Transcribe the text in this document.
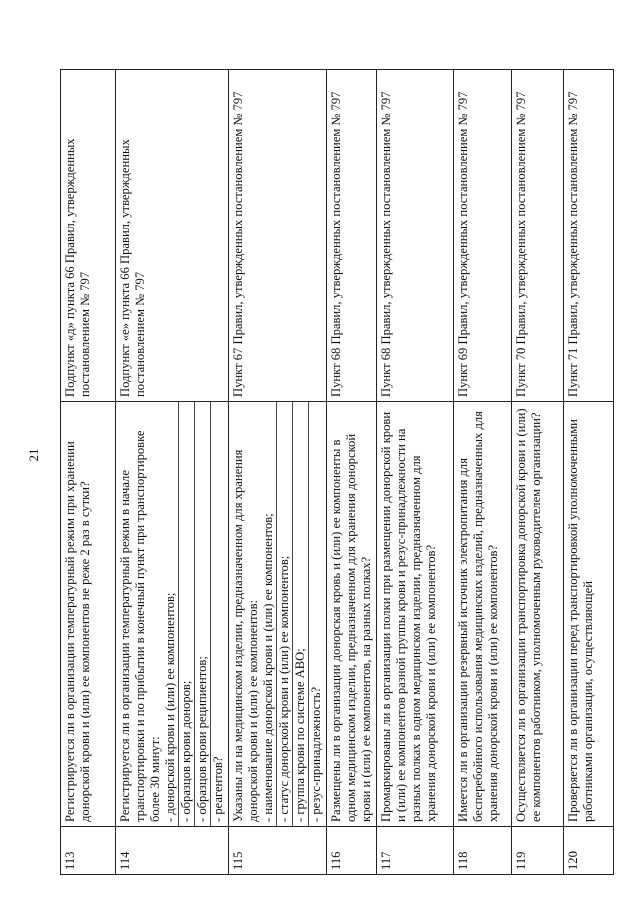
21
113	Регистрируется ли в организации температурный режим при хранении донорской крови и (или) ее компонентов не реже 2 раз в сутки?	Подпункт «д» пункта 66 Правил, утвержденных постановлением № 797
114	Регистрируется ли в организации температурный режим в начале транспортировки и по прибытии в конечный пункт при транспортировке более 30 минут: - донорской крови и (или) ее компонентов; - образцов крови доноров; - образцов крови реципиентов; - реагентов?	Подпункт «е» пункта 66 Правил, утвержденных постановлением № 797
115	Указаны ли на медицинском изделии, предназначенном для хранения донорской крови и (или) ее компонентов: - наименование донорской крови и (или) ее компонентов; - статус донорской крови и (или) ее компонентов; - группа крови по системе АВО; - резус-принадлежность?	Пункт 67 Правил, утвержденных постановлением № 797
116	Размещены ли в организации донорская кровь и (или) ее компоненты в одном медицинском изделии, предназначенном для хранения донорской крови и (или) ее компонентов, на разных полках?	Пункт 68 Правил, утвержденных постановлением № 797
117	Промаркированы ли в организации полки при размещении донорской крови и (или) ее компонентов разной группы крови и резус-принадлежности на разных полках в одном медицинском изделии, предназначенном для хранения донорской крови и (или) ее компонентов?	Пункт 68 Правил, утвержденных постановлением № 797
118	Имеется ли в организации резервный источник электропитания для бесперебойного использования медицинских изделий, предназначенных для хранения донорской крови и (или) ее компонентов?	Пункт 69 Правил, утвержденных постановлением № 797
119	Осуществляется ли в организации транспортировка донорской крови и (или) ее компонентов работником, уполномоченным руководителем организации?	Пункт 70 Правил, утвержденных постановлением № 797
120	Проверяется ли в организации перед транспортировкой уполномоченными работниками организации, осуществляющей	Пункт 71 Правил, утвержденных постановлением № 797
